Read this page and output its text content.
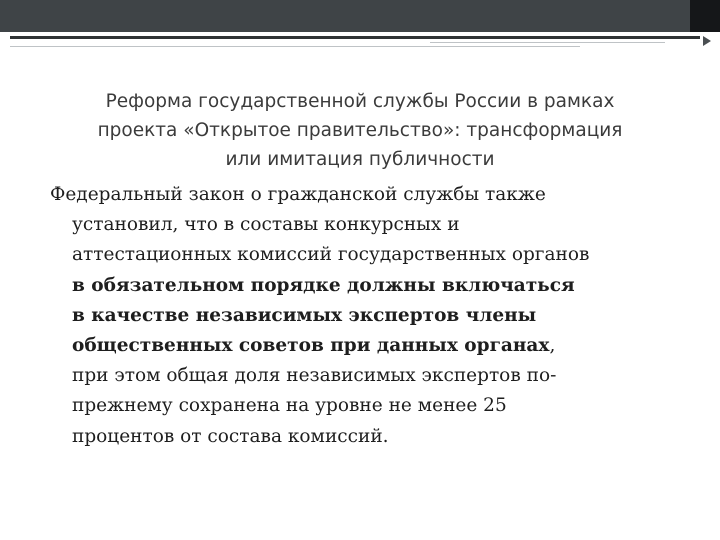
Реформа государственной службы России в рамках
проекта «Открытое правительство»: трансформация
или имитация публичности
Федеральный закон о гражданской службы также
установил, что в составы конкурсных и
аттестационных комиссий государственных органов
в обязательном порядке должны включаться
в качестве независимых экспертов члены
общественных советов при данных органах,
при этом общая доля независимых экспертов по-
прежнему сохранена на уровне не менее 25
процентов от состава комиссий.
